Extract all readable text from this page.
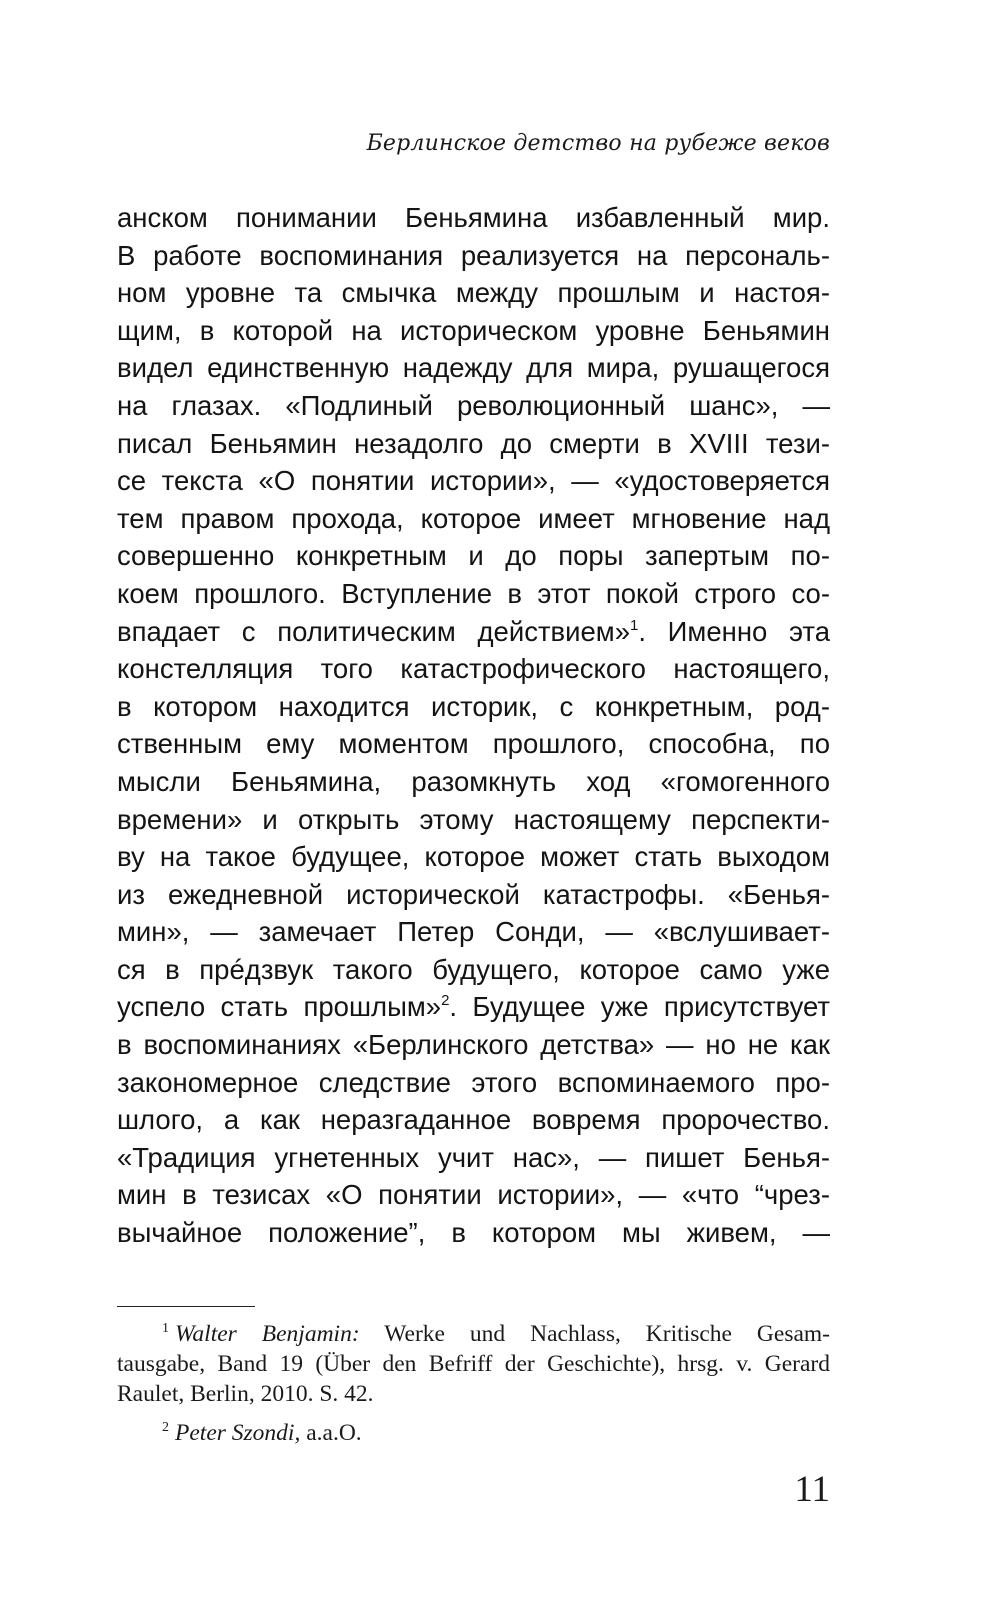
Берлинское детство на рубеже веков
анском понимании Беньямина избавленный мир.
В работе воспоминания реализуется на персональ-
ном уровне та смычка между прошлым и настоя-
щим, в которой на историческом уровне Беньямин
видел единственную надежду для мира, рушащегося
на глазах. «Подлиный революционный шанс», —
писал Беньямин незадолго до смерти в XVIII тези-
се текста «О понятии истории», — «удостоверяется
тем правом прохода, которое имеет мгновение над
совершенно конкретным и до поры запертым по-
коем прошлого. Вступление в этот покой строго со-
впадает с политическим действием»$^1$. Именно эта
констелляция того катастрофического настоящего,
в котором находится историк, с конкретным, род-
ственным ему моментом прошлого, способна, по
мысли Беньямина, разомкнуть ход «гомогенного
времени» и открыть этому настоящему перспекти-
ву на такое будущее, которое может стать выходом
из ежедневной исторической катастрофы. «Бенья-
мин», — замечает Петер Сонди, — «вслушивает-
ся в прéдзвук такого будущего, которое само уже
успело стать прошлым»$^2$. Будущее уже присутствует
в воспоминаниях «Берлинского детства» — но не как
закономерное следствие этого вспоминаемого про-
шлого, а как неразгаданное вовремя пророчество.
«Традиция угнетенных учит нас», — пишет Бенья-
мин в тезисах «О понятии истории», — «что “чрез-
вычайное положение”, в котором мы живем, —
$^1$ Walter Benjamin: Werke und Nachlass, Kritische Gesam-
tausgabe, Band 19 (Über den Befriff der Geschichte), hrsg. v. Gerard
Raulet, Berlin, 2010. S. 42.
$^2$ Peter Szondi, a.a.O.
11
